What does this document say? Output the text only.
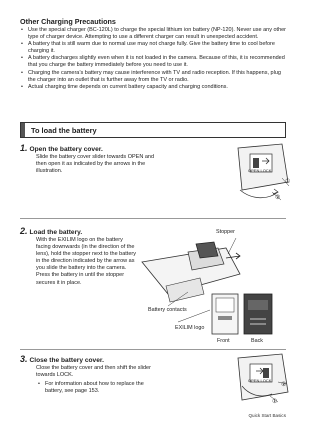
Other Charging Precautions
• Use the special charger (BC-120L) to charge the special lithium ion battery (NP-120). Never use any other type of charger device. Attempting to use a different charger can result in unexpected accident.
• A battery that is still warm due to normal use may not charge fully. Give the battery time to cool before charging it.
• A battery discharges slightly even when it is not loaded in the camera. Because of this, it is recommended that you charge the battery immediately before you need to use it.
• Charging the camera’s battery may cause interference with TV and radio reception. If this happens, plug the charger into an outlet that is further away from the TV or radio.
• Actual charging time depends on current battery capacity and charging conditions.
To load the battery
1. Open the battery cover.
Slide the battery cover slider towards OPEN and then open it as indicated by the arrows in the illustration.	OPEN LOCK
①
②
2. Load the battery.
With the EXILIM logo on the battery facing downwards (in the direction of the lens), hold the stopper next to the battery in the direction indicated by the arrow as you slide the battery into the camera. Press the battery in until the stopper secures it in place.
Stopper
Battery contacts
EXILIM logo
Front	Back
3. Close the battery cover.
Close the battery cover and then shift the slider towards LOCK.
• For information about how to replace the battery, see page 153.
OPEN LOCK
②
①
Quick Start Basics
